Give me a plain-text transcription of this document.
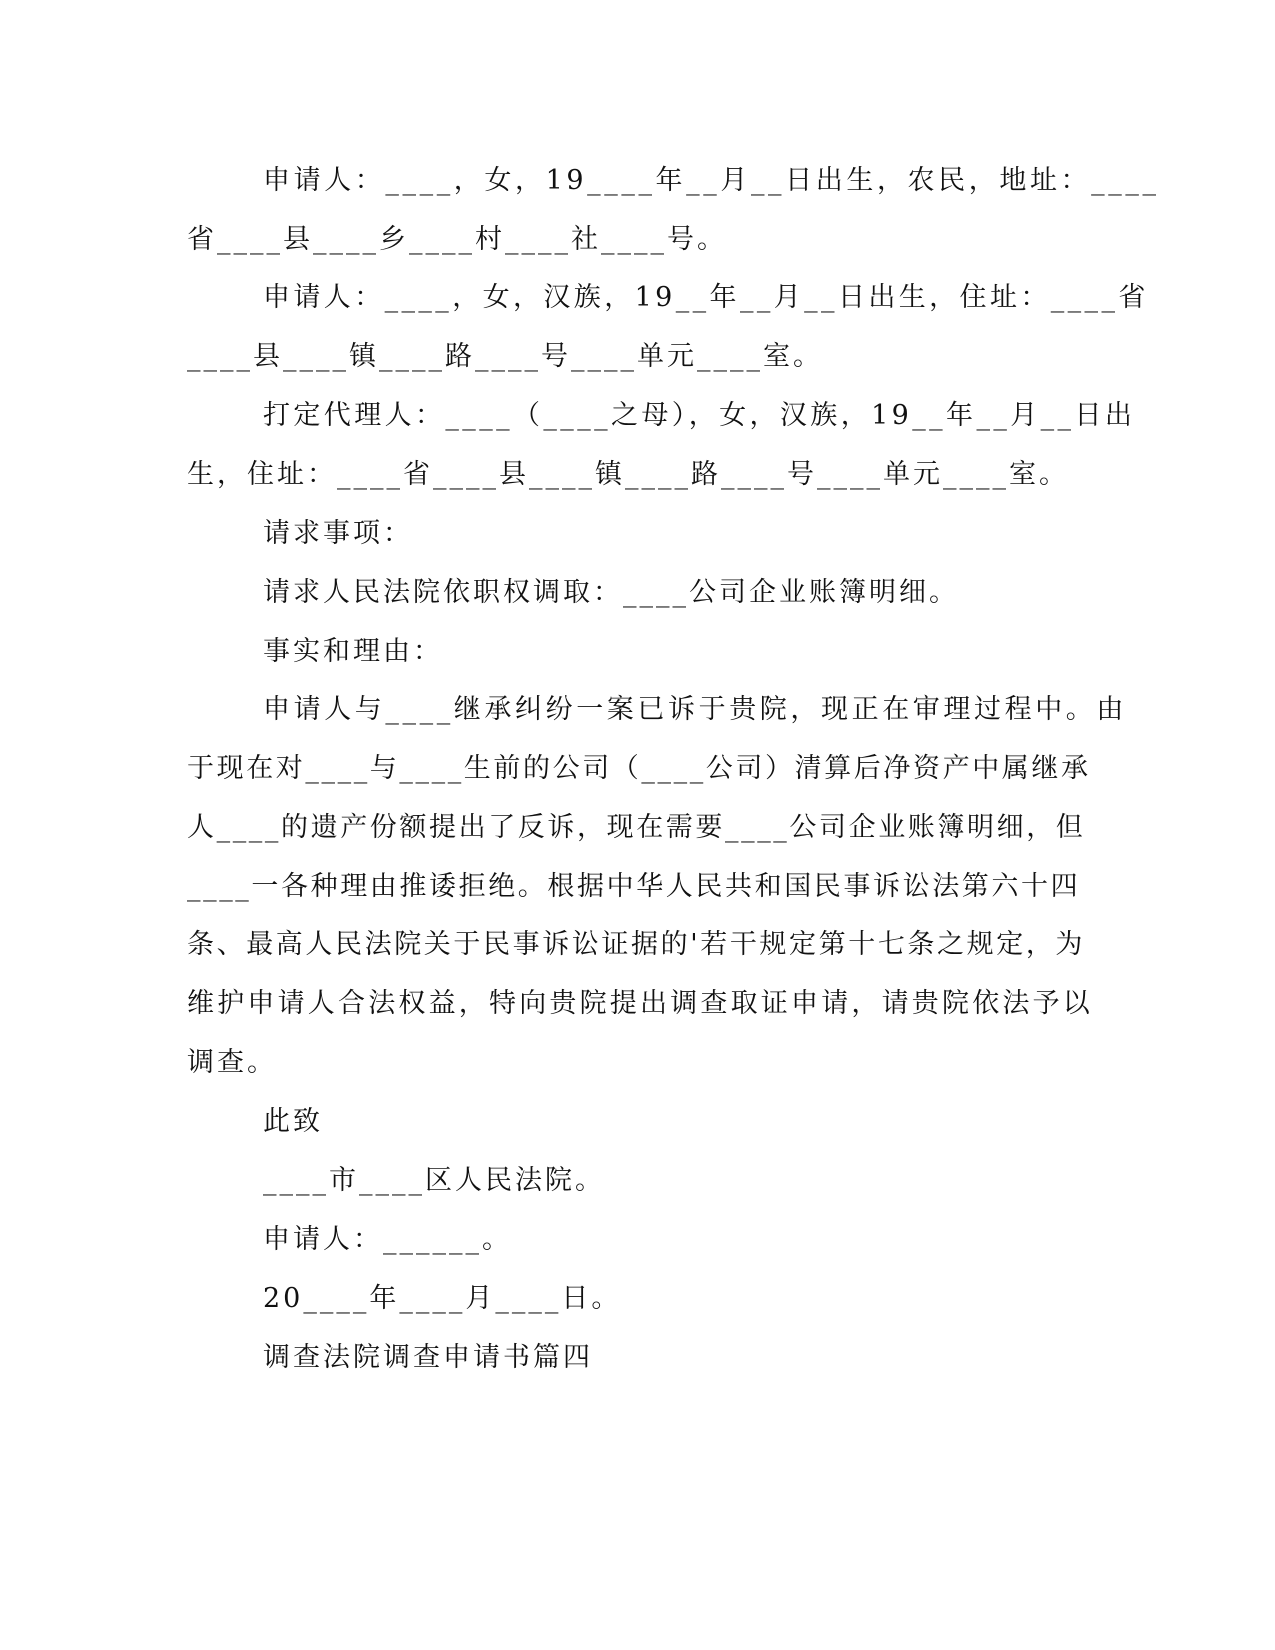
申请人：____，女，19____年__月__日出生，农民，地址：____
省____县____乡____村____社____号。
申请人：____，女，汉族，19__年__月__日出生，住址：____省
____县____镇____路____号____单元____室。
打定代理人：____（____之母），女，汉族，19__年__月__日出
生，住址：____省____县____镇____路____号____单元____室。
请求事项：
请求人民法院依职权调取：____公司企业账簿明细。
事实和理由：
申请人与____继承纠纷一案已诉于贵院，现正在审理过程中。由
于现在对____与____生前的公司（____公司）清算后净资产中属继承
人____的遗产份额提出了反诉，现在需要____公司企业账簿明细，但
____一各种理由推诿拒绝。根据中华人民共和国民事诉讼法第六十四
条、最高人民法院关于民事诉讼证据的'若干规定第十七条之规定，为
维护申请人合法权益，特向贵院提出调查取证申请，请贵院依法予以
调查。
此致
____市____区人民法院。
申请人：______。
20____年____月____日。
调查法院调查申请书篇四
